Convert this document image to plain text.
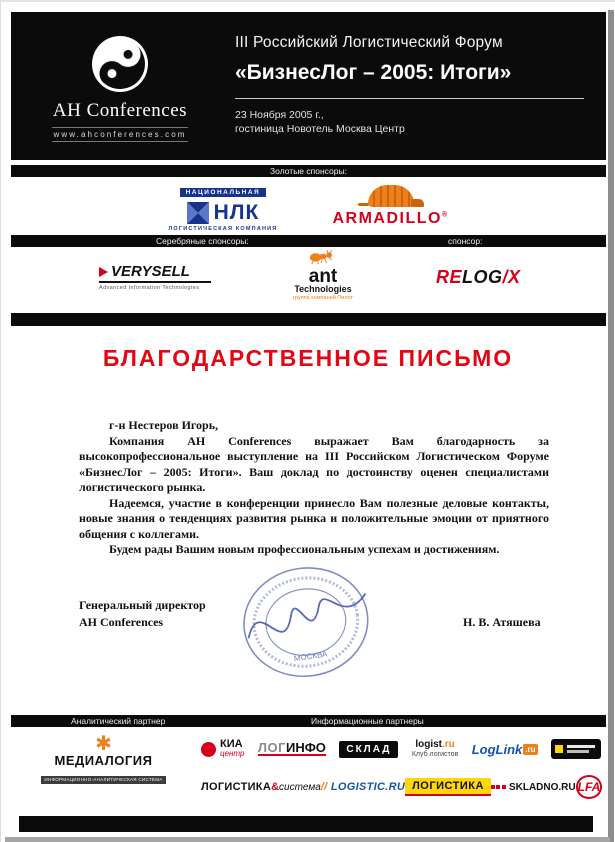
AH Conferences
www.ahconferences.com
III Российский Логистический Форум
«БизнесЛог – 2005: Итоги»
23 Ноября 2005 г.,
гостиница Новотель Москва Центр
Золотые спонсоры:
НАЦИОНАЛЬНАЯ
НЛК
ЛОГИСТИЧЕСКАЯ КОМПАНИЯ
ARMADILLO®
Серебряные спонсоры:	спонсор:
VERYSELL
Advanced Information Technologies
ant
Technologies
группа компаний Пилот
RELOG/X
БЛАГОДАРСТВЕННОЕ ПИСЬМО

г-н Нестеров Игорь,

Компания AH Conferences выражает Вам благодарность за высокопрофессиональное выступление на III Российском Логистическом Форуме «БизнесЛог – 2005: Итоги». Ваш доклад по достоинству оценен специалистами логистического рынка.

Надеемся, участие в конференции принесло Вам полезные деловые контакты, новые знания о тенденциях развития рынка и положительные эмоции от приятного общения с коллегами.

Будем рады Вашим новым профессиональным успехам и достижениям.

Генеральный директор
AH Conferences
МОСКВА
Н. В. Атяшева
Аналитический партнер	Информационные партнеры
✱
МЕДИАЛОГИЯ
ИНФОРМАЦИОННО-АНАЛИТИЧЕСКАЯ СИСТЕМА
КИА
центр ЛОГИНФО	СКЛАД	logist.ru
Клуб логистов LogLink .ru
ЛОГИСТИКА&система // LOGISTIC.RU ЛОГИСТИКА	SKLADNO.RU LFA
